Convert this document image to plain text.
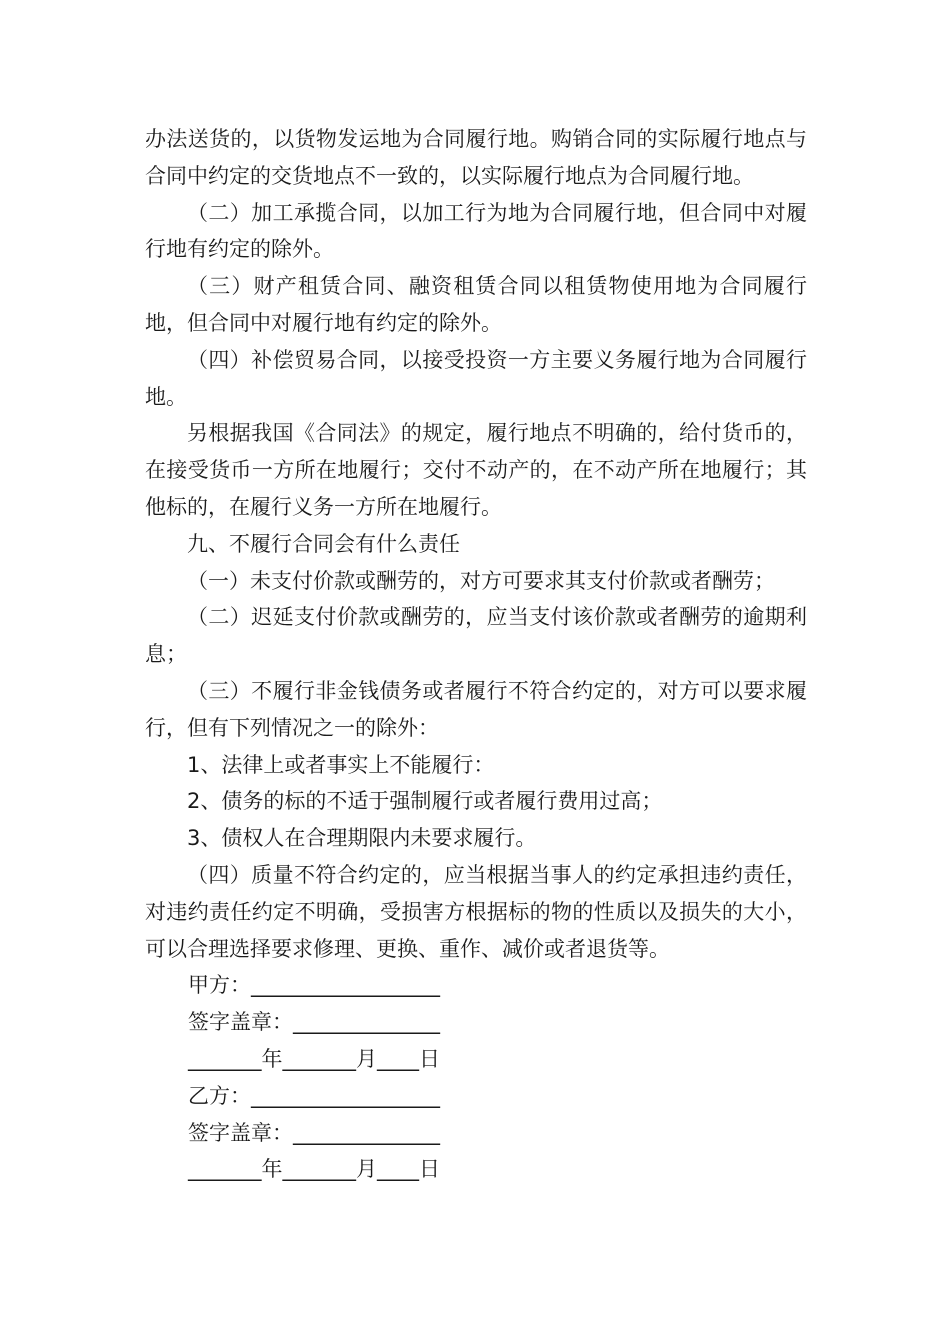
办法送货的，以货物发运地为合同履行地。购销合同的实际履行地点与合同中约定的交货地点不一致的，以实际履行地点为合同履行地。

（二）加工承揽合同，以加工行为地为合同履行地，但合同中对履行地有约定的除外。

（三）财产租赁合同、融资租赁合同以租赁物使用地为合同履行地，但合同中对履行地有约定的除外。

（四）补偿贸易合同，以接受投资一方主要义务履行地为合同履行地。

另根据我国《合同法》的规定，履行地点不明确的，给付货币的，在接受货币一方所在地履行；交付不动产的，在不动产所在地履行；其他标的，在履行义务一方所在地履行。

九、不履行合同会有什么责任

（一）未支付价款或酬劳的，对方可要求其支付价款或者酬劳；

（二）迟延支付价款或酬劳的，应当支付该价款或者酬劳的逾期利息；

（三）不履行非金钱债务或者履行不符合约定的，对方可以要求履行，但有下列情况之一的除外：

1、法律上或者事实上不能履行：

2、债务的标的不适于强制履行或者履行费用过高；

3、债权人在合理期限内未要求履行。

（四）质量不符合约定的，应当根据当事人的约定承担违约责任，对违约责任约定不明确，受损害方根据标的物的性质以及损失的大小，可以合理选择要求修理、更换、重作、减价或者退货等。

甲方：__________________

签字盖章：______________

_______年_______月____日

乙方：__________________

签字盖章：______________

_______年_______月____日
